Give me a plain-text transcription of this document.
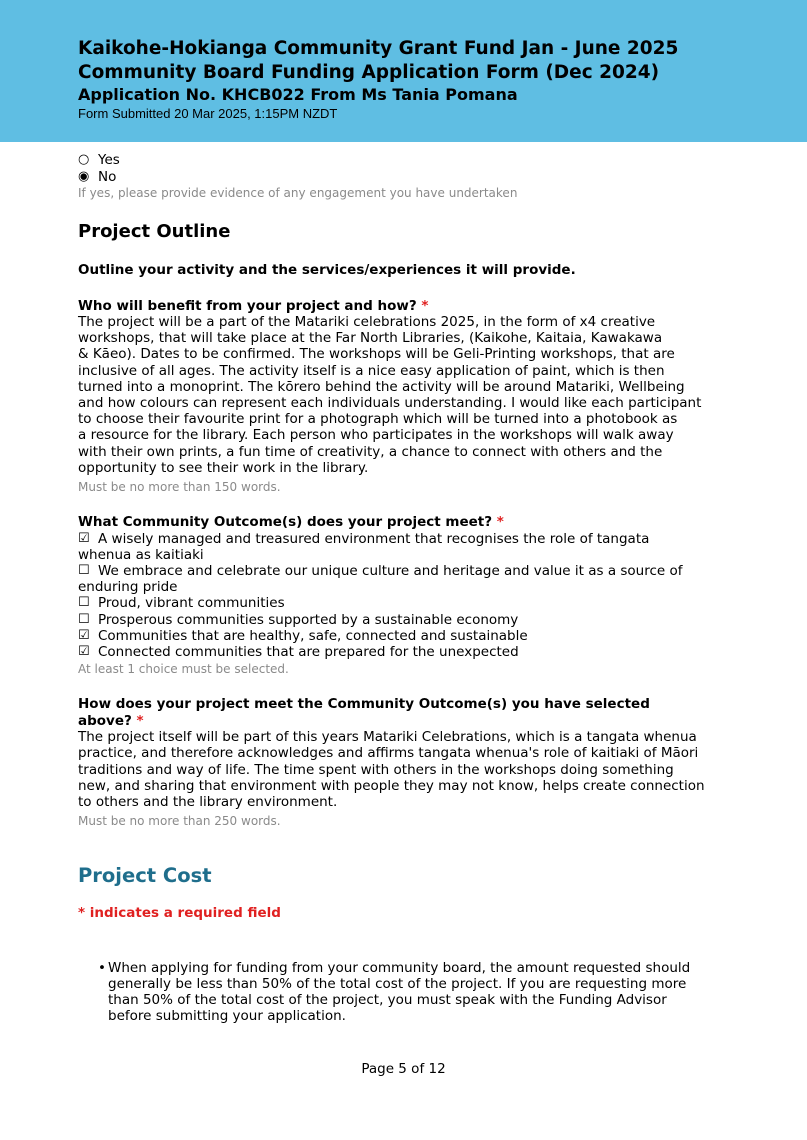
Kaikohe-Hokianga Community Grant Fund Jan - June 2025
Community Board Funding Application Form (Dec 2024)
Application No. KHCB022 From Ms Tania Pomana
Form Submitted 20 Mar 2025, 1:15PM NZDT
○ Yes
◉ No
If yes, please provide evidence of any engagement you have undertaken
Project Outline
Outline your activity and the services/experiences it will provide.
Who will benefit from your project and how? *
The project will be a part of the Matariki celebrations 2025, in the form of x4 creative
workshops, that will take place at the Far North Libraries, (Kaikohe, Kaitaia, Kawakawa
& Kāeo). Dates to be confirmed. The workshops will be Geli-Printing workshops, that are
inclusive of all ages. The activity itself is a nice easy application of paint, which is then
turned into a monoprint. The kōrero behind the activity will be around Matariki, Wellbeing
and how colours can represent each individuals understanding. I would like each participant
to choose their favourite print for a photograph which will be turned into a photobook as
a resource for the library. Each person who participates in the workshops will walk away
with their own prints, a fun time of creativity, a chance to connect with others and the
opportunity to see their work in the library.
Must be no more than 150 words.
What Community Outcome(s) does your project meet? *
☑ A wisely managed and treasured environment that recognises the role of tangata
whenua as kaitiaki
☐ We embrace and celebrate our unique culture and heritage and value it as a source of
enduring pride
☐ Proud, vibrant communities
☐ Prosperous communities supported by a sustainable economy
☑ Communities that are healthy, safe, connected and sustainable
☑ Connected communities that are prepared for the unexpected
At least 1 choice must be selected.
How does your project meet the Community Outcome(s) you have selected
above? *
The project itself will be part of this years Matariki Celebrations, which is a tangata whenua
practice, and therefore acknowledges and affirms tangata whenua's role of kaitiaki of Māori
traditions and way of life. The time spent with others in the workshops doing something
new, and sharing that environment with people they may not know, helps create connection
to others and the library environment.
Must be no more than 250 words.
Project Cost
* indicates a required field
• When applying for funding from your community board, the amount requested should
generally be less than 50% of the total cost of the project. If you are requesting more
than 50% of the total cost of the project, you must speak with the Funding Advisor
before submitting your application.
Page 5 of 12
